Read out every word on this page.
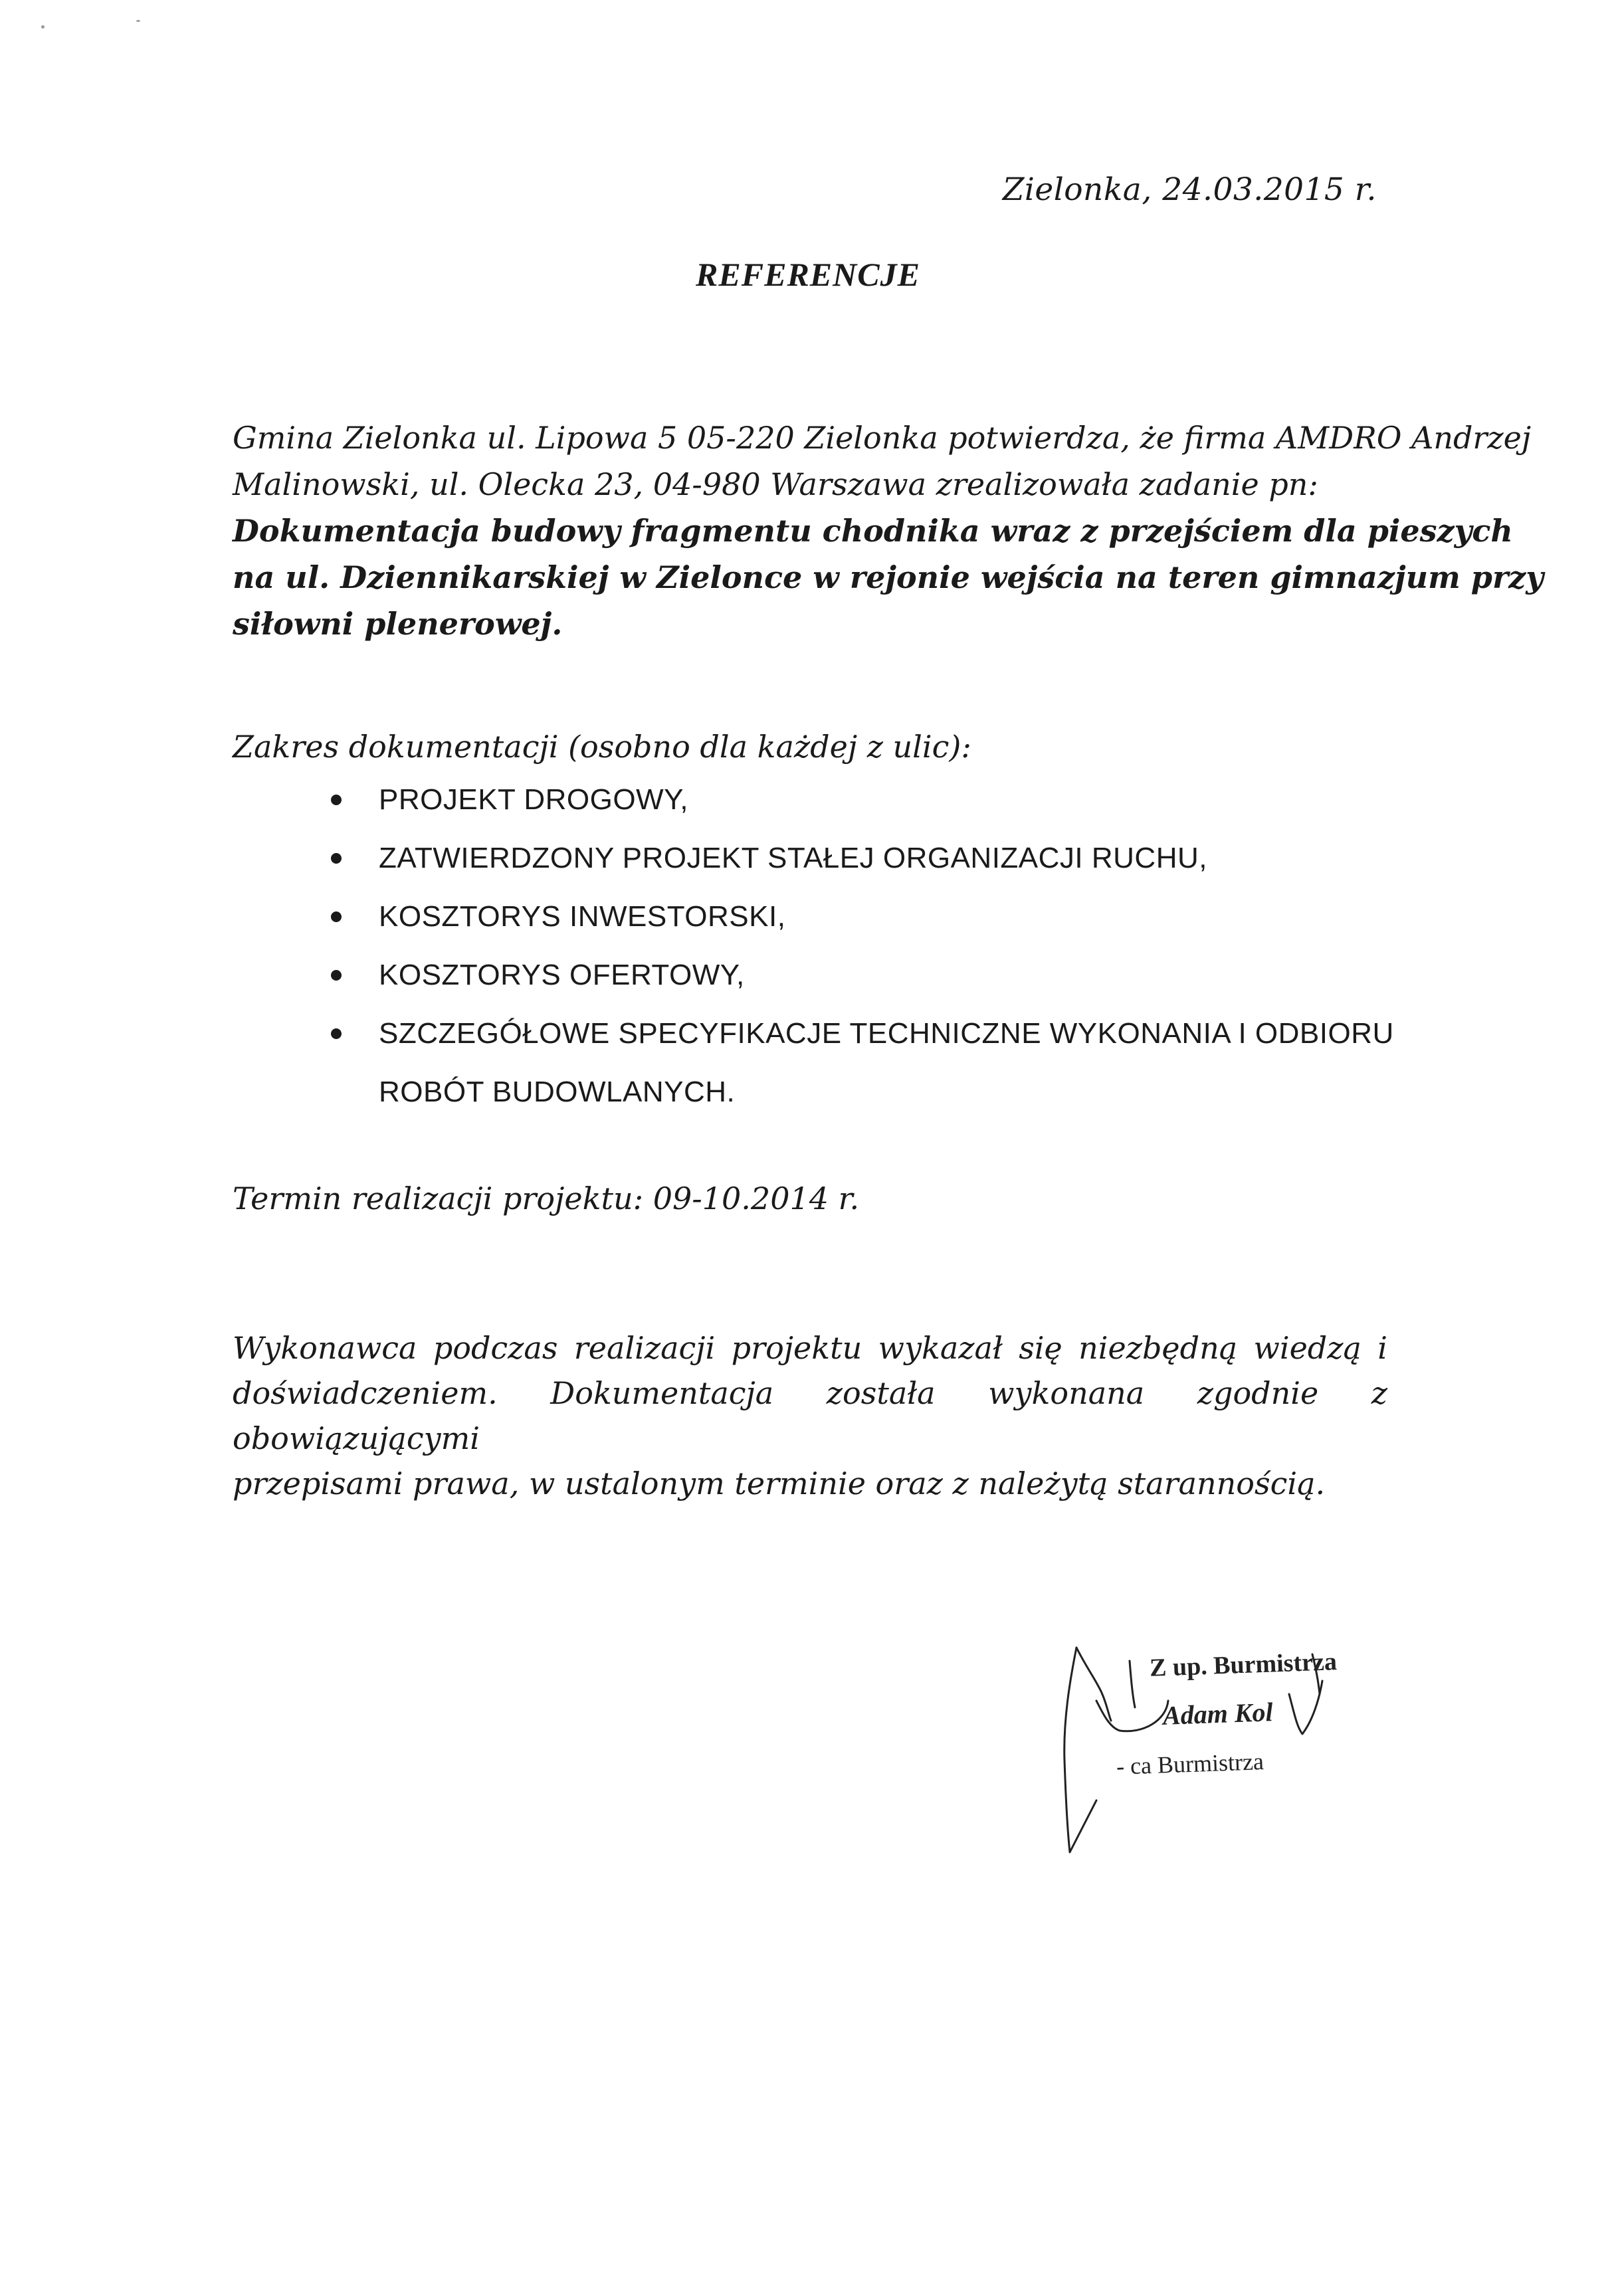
Zielonka, 24.03.2015 r.
REFERENCJE
Gmina Zielonka ul. Lipowa 5 05-220 Zielonka potwierdza, że firma AMDRO Andrzej
Malinowski, ul. Olecka 23, 04-980 Warszawa zrealizowała zadanie pn:
Dokumentacja budowy fragmentu chodnika wraz z przejściem dla pieszych
na ul. Dziennikarskiej w Zielonce w rejonie wejścia na teren gimnazjum przy
siłowni plenerowej.
Zakres dokumentacji (osobno dla każdej z ulic):
PROJEKT DROGOWY,
ZATWIERDZONY PROJEKT STAŁEJ ORGANIZACJI RUCHU,
KOSZTORYS INWESTORSKI,
KOSZTORYS OFERTOWY,
SZCZEGÓŁOWE SPECYFIKACJE TECHNICZNE WYKONANIA I ODBIORU
ROBÓT BUDOWLANYCH.
Termin realizacji projektu: 09-10.2014 r.
Wykonawca podczas realizacji projektu wykazał się niezbędną wiedzą i
doświadczeniem. Dokumentacja została wykonana zgodnie z obowiązującymi
przepisami prawa, w ustalonym terminie oraz z należytą starannością.
Z up. Burmistrza
Adam Kol
- ca Burmistrza
